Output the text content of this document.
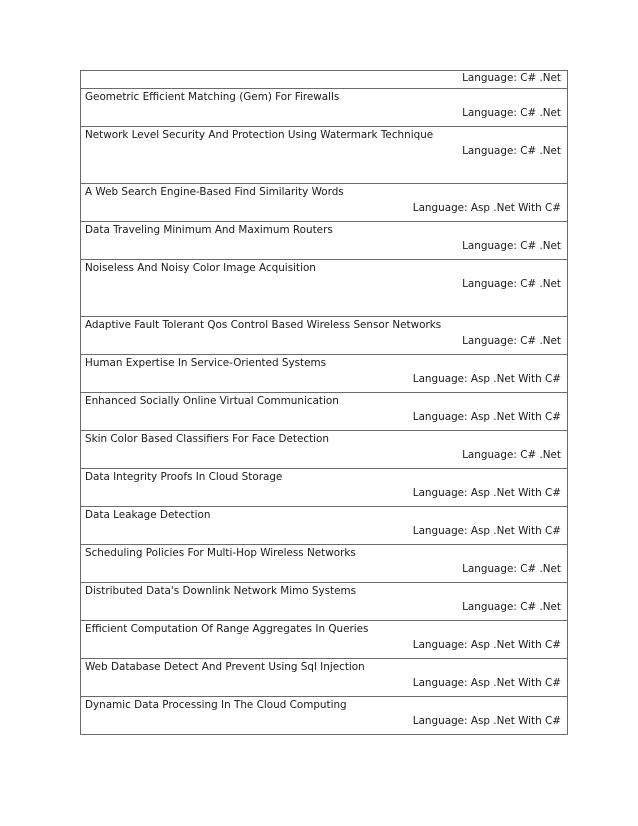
Language: C# .Net
Geometric Efficient Matching (Gem) For Firewalls
Language: C# .Net
Network Level Security And Protection Using Watermark Technique
Language: C# .Net
A Web Search Engine-Based Find Similarity Words
Language: Asp .Net With C#
Data Traveling Minimum And Maximum Routers
Language: C# .Net
Noiseless And Noisy Color Image Acquisition
Language: C# .Net
Adaptive Fault Tolerant Qos Control Based Wireless Sensor Networks
Language: C# .Net
Human Expertise In Service-Oriented Systems
Language: Asp .Net With C#
Enhanced Socially Online Virtual Communication
Language: Asp .Net With C#
Skin Color Based Classifiers For Face Detection
Language: C# .Net
Data Integrity Proofs In Cloud Storage
Language: Asp .Net With C#
Data Leakage Detection
Language: Asp .Net With C#
Scheduling Policies For Multi-Hop Wireless Networks
Language: C# .Net
Distributed Data's Downlink Network Mimo Systems
Language: C# .Net
Efficient Computation Of Range Aggregates In Queries
Language: Asp .Net With C#
Web Database Detect And Prevent Using Sql Injection
Language: Asp .Net With C#
Dynamic Data Processing In The Cloud Computing
Language: Asp .Net With C#
